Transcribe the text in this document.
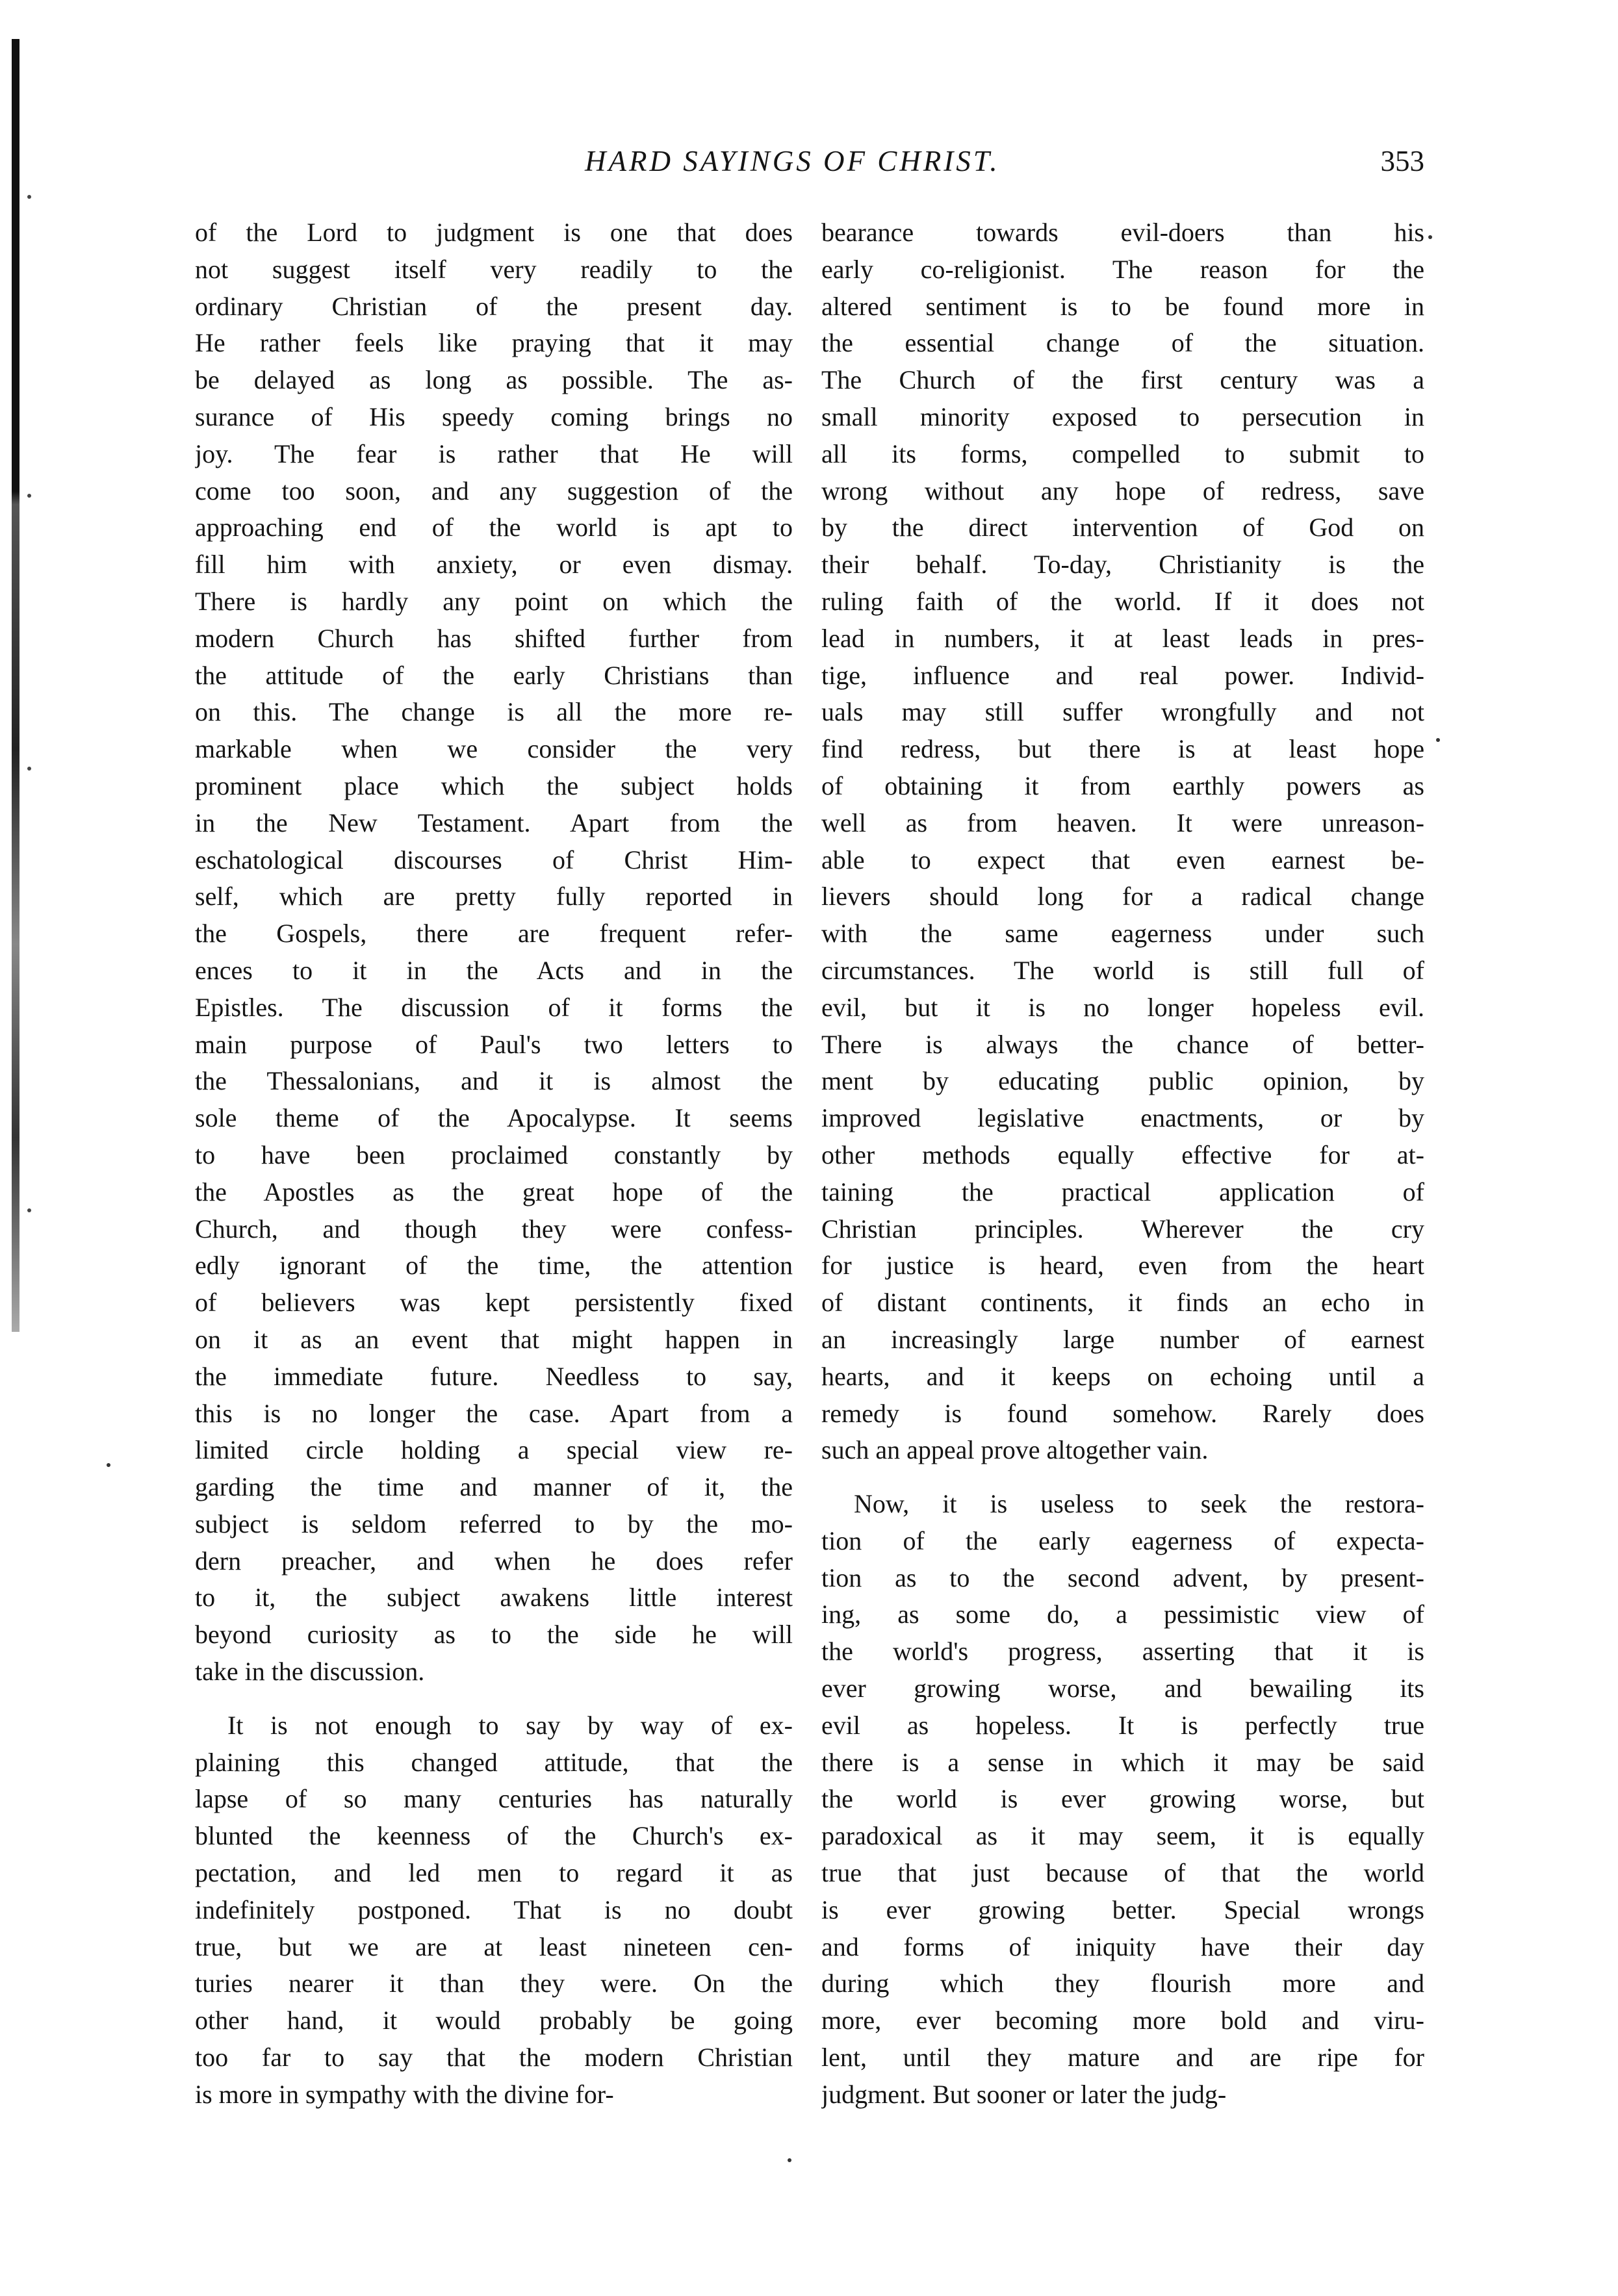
HARD SAYINGS OF CHRIST.	353

of the Lord to judgment is one that does
not suggest itself very readily to the
ordinary Christian of the present day.
He rather feels like praying that it may
be delayed as long as possible. The as-
surance of His speedy coming brings no
joy. The fear is rather that He will
come too soon, and any suggestion of the
approaching end of the world is apt to
fill him with anxiety, or even dismay.
There is hardly any point on which the
modern Church has shifted further from
the attitude of the early Christians than
on this. The change is all the more re-
markable when we consider the very
prominent place which the subject holds
in the New Testament. Apart from the
eschatological discourses of Christ Him-
self, which are pretty fully reported in
the Gospels, there are frequent refer-
ences to it in the Acts and in the
Epistles. The discussion of it forms the
main purpose of Paul's two letters to
the Thessalonians, and it is almost the
sole theme of the Apocalypse. It seems
to have been proclaimed constantly by
the Apostles as the great hope of the
Church, and though they were confess-
edly ignorant of the time, the attention
of believers was kept persistently fixed
on it as an event that might happen in
the immediate future. Needless to say,
this is no longer the case. Apart from a
limited circle holding a special view re-
garding the time and manner of it, the
subject is seldom referred to by the mo-
dern preacher, and when he does refer
to it, the subject awakens little interest
beyond curiosity as to the side he will
take in the discussion.

It is not enough to say by way of ex-
plaining this changed attitude, that the
lapse of so many centuries has naturally
blunted the keenness of the Church's ex-
pectation, and led men to regard it as
indefinitely postponed. That is no doubt
true, but we are at least nineteen cen-
turies nearer it than they were. On the
other hand, it would probably be going
too far to say that the modern Christian
is more in sympathy with the divine for-

bearance towards evil-doers than his
early co-religionist. The reason for the
altered sentiment is to be found more in
the essential change of the situation.
The Church of the first century was a
small minority exposed to persecution in
all its forms, compelled to submit to
wrong without any hope of redress, save
by the direct intervention of God on
their behalf. To-day, Christianity is the
ruling faith of the world. If it does not
lead in numbers, it at least leads in pres-
tige, influence and real power. Individ-
uals may still suffer wrongfully and not
find redress, but there is at least hope
of obtaining it from earthly powers as
well as from heaven. It were unreason-
able to expect that even earnest be-
lievers should long for a radical change
with the same eagerness under such
circumstances. The world is still full of
evil, but it is no longer hopeless evil.
There is always the chance of better-
ment by educating public opinion, by
improved legislative enactments, or by
other methods equally effective for at-
taining the practical application of
Christian principles. Wherever the cry
for justice is heard, even from the heart
of distant continents, it finds an echo in
an increasingly large number of earnest
hearts, and it keeps on echoing until a
remedy is found somehow. Rarely does
such an appeal prove altogether vain.

Now, it is useless to seek the restora-
tion of the early eagerness of expecta-
tion as to the second advent, by present-
ing, as some do, a pessimistic view of
the world's progress, asserting that it is
ever growing worse, and bewailing its
evil as hopeless. It is perfectly true
there is a sense in which it may be said
the world is ever growing worse, but
paradoxical as it may seem, it is equally
true that just because of that the world
is ever growing better. Special wrongs
and forms of iniquity have their day
during which they flourish more and
more, ever becoming more bold and viru-
lent, until they mature and are ripe for
judgment. But sooner or later the judg-
